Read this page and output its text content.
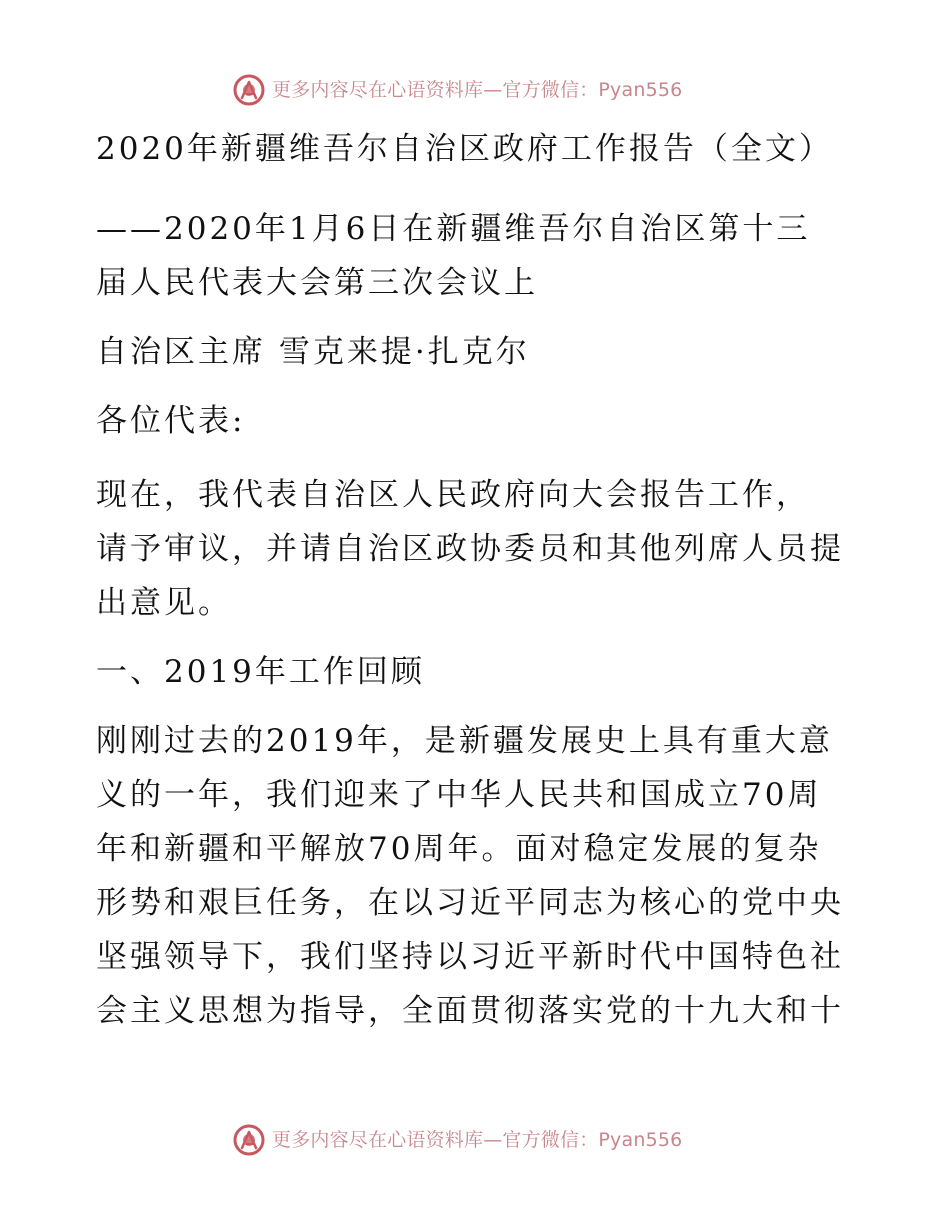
更多内容尽在心语资料库—官方微信：Pyan556

2020年新疆维吾尔自治区政府工作报告（全文）

——2020年1月6日在新疆维吾尔自治区第十三

届人民代表大会第三次会议上

自治区主席 雪克来提·扎克尔

各位代表:

现在，我代表自治区人民政府向大会报告工作，

请予审议，并请自治区政协委员和其他列席人员提

出意见。

一、2019年工作回顾

刚刚过去的2019年，是新疆发展史上具有重大意

义的一年，我们迎来了中华人民共和国成立70周

年和新疆和平解放70周年。面对稳定发展的复杂

形势和艰巨任务，在以习近平同志为核心的党中央

坚强领导下，我们坚持以习近平新时代中国特色社

会主义思想为指导，全面贯彻落实党的十九大和十

更多内容尽在心语资料库—官方微信：Pyan556
